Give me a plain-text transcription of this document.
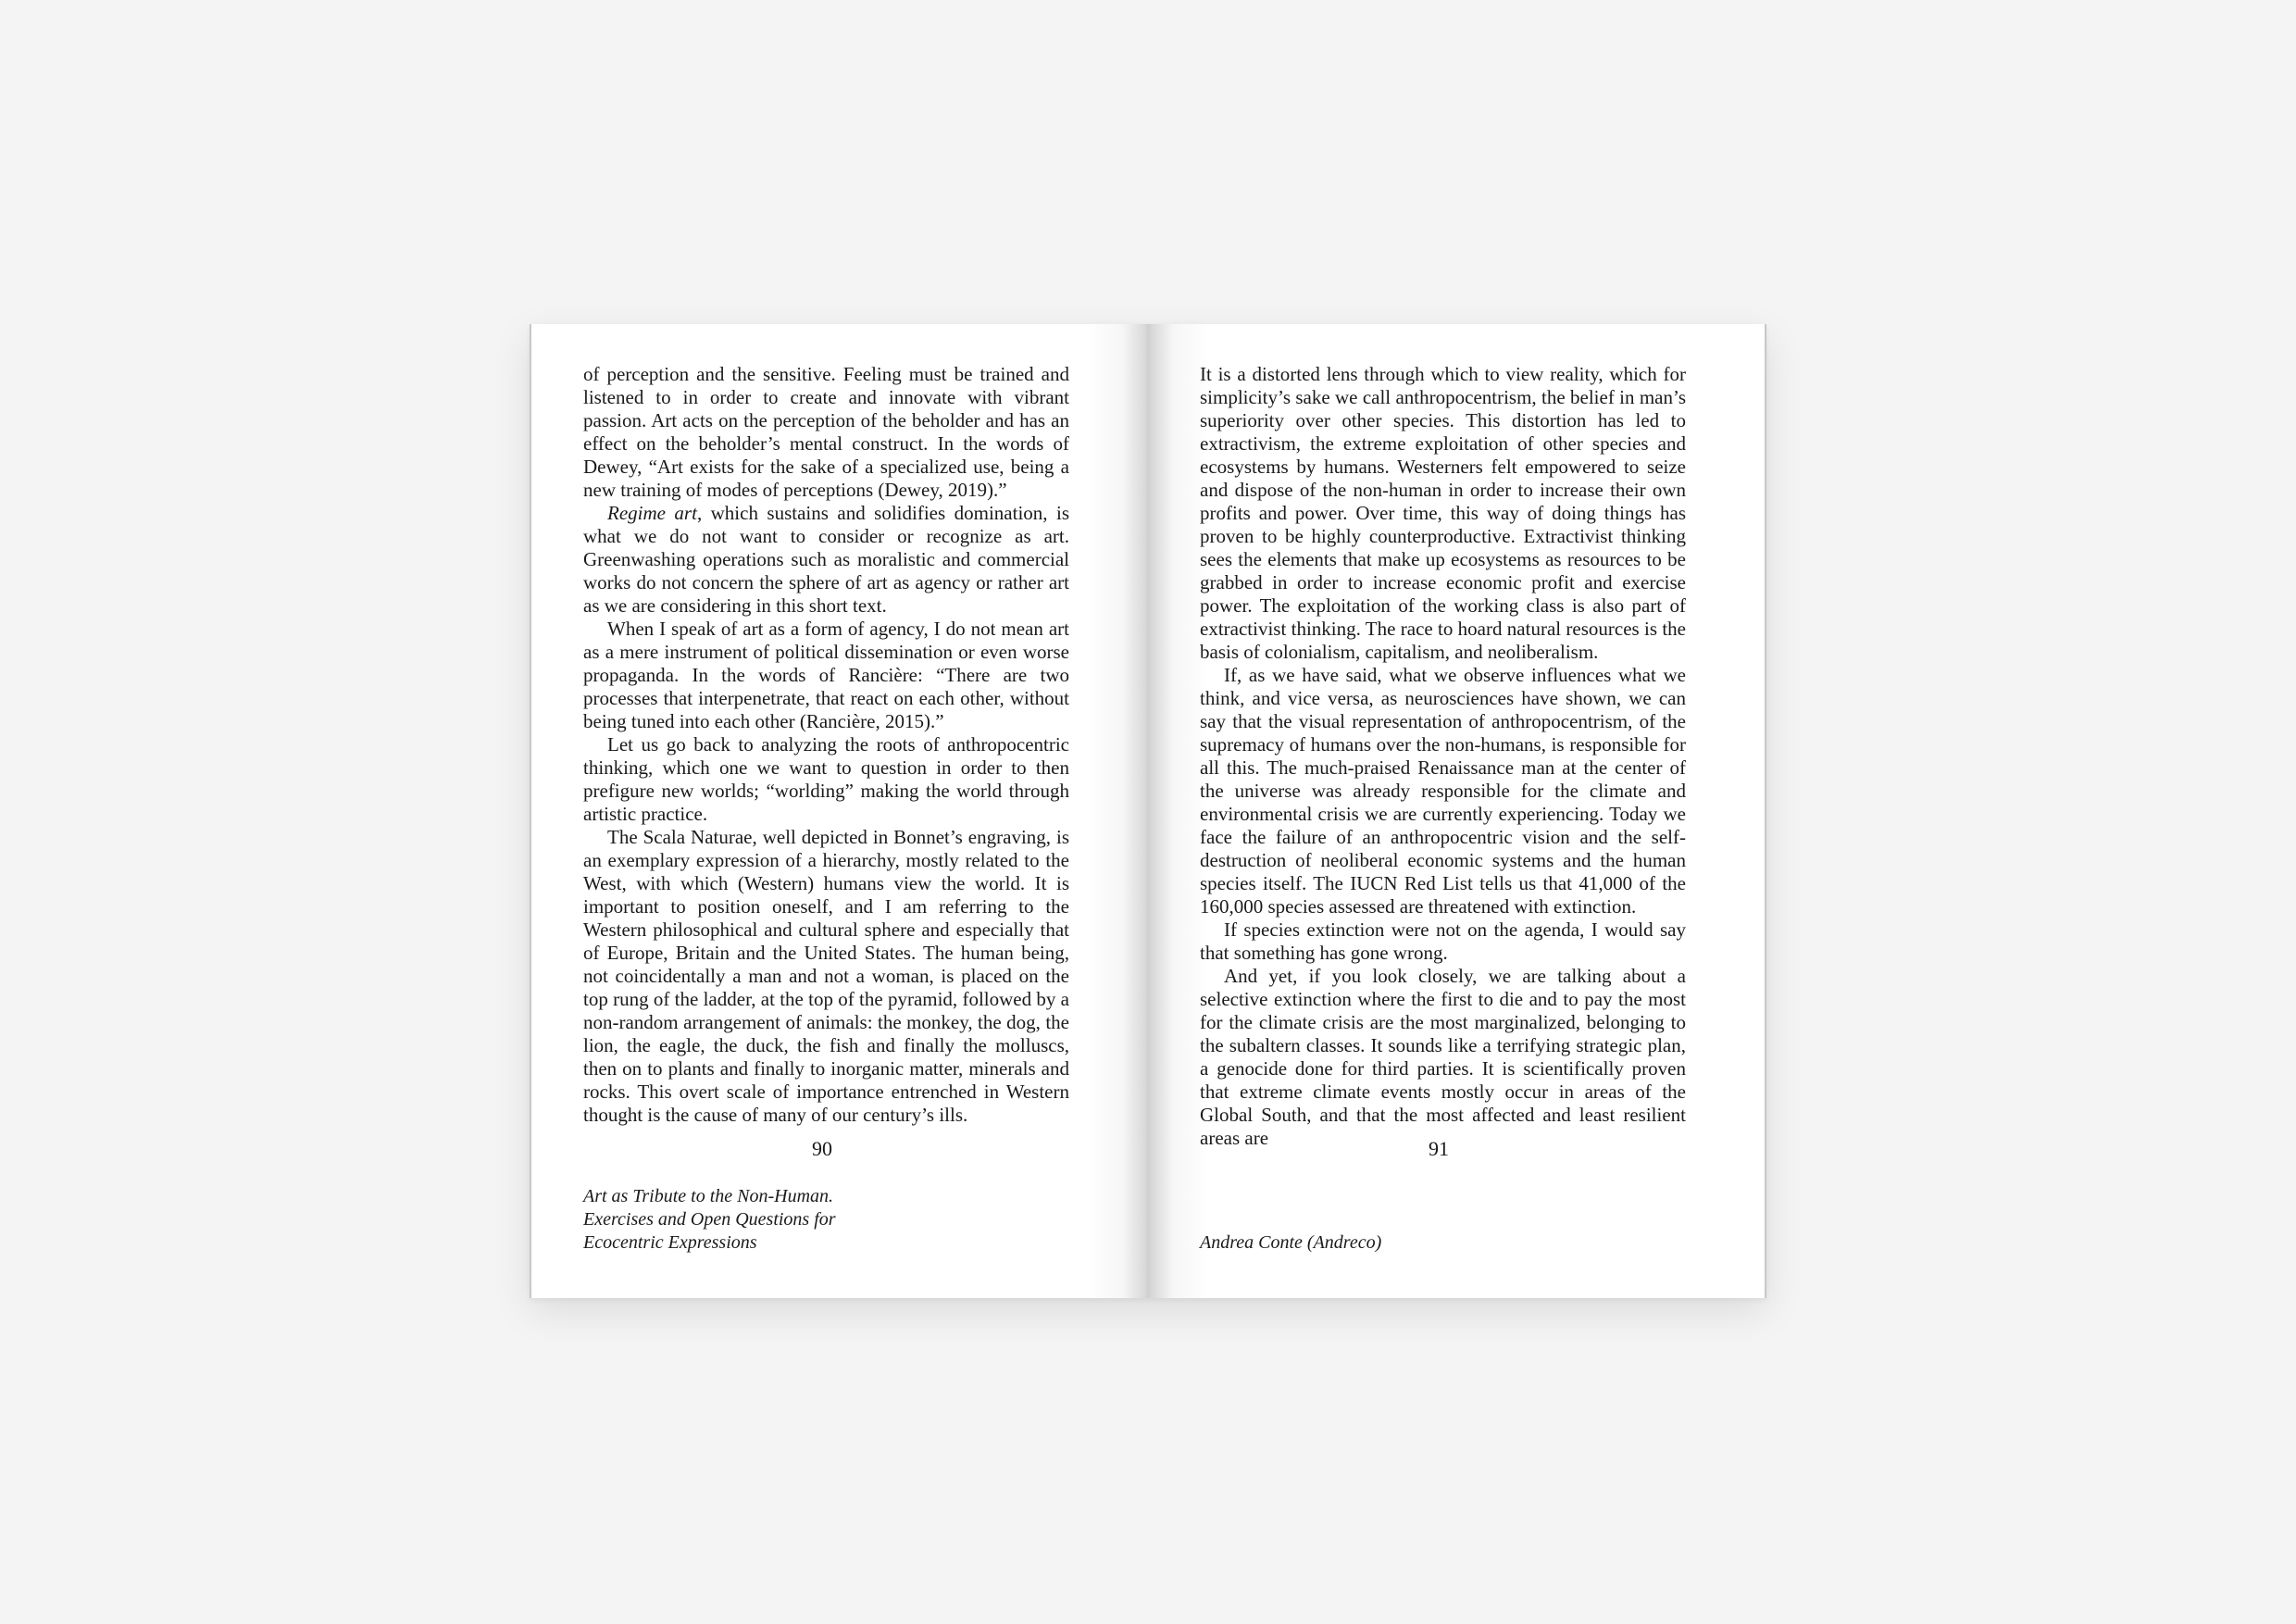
of perception and the sensitive. Feeling must be trained and listened to in order to create and innovate with vibrant passion. Art acts on the perception of the beholder and has an effect on the beholder’s mental construct. In the words of Dewey, “Art exists for the sake of a specialized use, being a new training of modes of perceptions (Dewey, 2019).”

Regime art, which sustains and solidifies domination, is what we do not want to consider or recognize as art. Greenwashing operations such as moralistic and commercial works do not concern the sphere of art as agency or rather art as we are considering in this short text.

When I speak of art as a form of agency, I do not mean art as a mere instrument of political dissemination or even worse propaganda. In the words of Rancière: “There are two processes that interpenetrate, that react on each other, without being tuned into each other (Rancière, 2015).”

Let us go back to analyzing the roots of anthropocentric thinking, which one we want to question in order to then prefigure new worlds; “worlding” making the world through artistic practice.

The Scala Naturae, well depicted in Bonnet’s engraving, is an exemplary expression of a hierarchy, mostly related to the West, with which (Western) humans view the world. It is important to position oneself, and I am referring to the Western philosophical and cultural sphere and especially that of Europe, Britain and the United States. The human being, not coincidentally a man and not a woman, is placed on the top rung of the ladder, at the top of the pyramid, followed by a non-random arrangement of animals: the monkey, the dog, the lion, the eagle, the duck, the fish and finally the molluscs, then on to plants and finally to inorganic matter, minerals and rocks. This overt scale of importance entrenched in Western thought is the cause of many of our century’s ills.

90
Art as Tribute to the Non-Human.
Exercises and Open Questions for
Ecocentric Expressions

It is a distorted lens through which to view reality, which for simplicity’s sake we call anthropocentrism, the belief in man’s superiority over other species. This distortion has led to extractivism, the extreme exploitation of other species and ecosystems by humans. Westerners felt empowered to seize and dispose of the non-human in order to increase their own profits and power. Over time, this way of doing things has proven to be highly counterproductive. Extractivist thinking sees the elements that make up ecosystems as resources to be grabbed in order to increase economic profit and exercise power. The exploitation of the working class is also part of extractivist thinking. The race to hoard natural resources is the basis of colonialism, capitalism, and neoliberalism.

If, as we have said, what we observe influences what we think, and vice versa, as neurosciences have shown, we can say that the visual representation of anthropocentrism, of the supremacy of humans over the non-humans, is responsible for all this. The much-praised Renaissance man at the center of the universe was already responsible for the climate and environmental crisis we are currently experiencing. Today we face the failure of an anthropocentric vision and the self-destruction of neoliberal economic systems and the human species itself. The IUCN Red List tells us that 41,000 of the 160,000 species assessed are threatened with extinction.

If species extinction were not on the agenda, I would say that something has gone wrong.

And yet, if you look closely, we are talking about a selective extinction where the first to die and to pay the most for the climate crisis are the most marginalized, belonging to the subaltern classes. It sounds like a terrifying strategic plan, a genocide done for third parties. It is scientifically proven that extreme climate events mostly occur in areas of the Global South, and that the most affected and least resilient areas are	91
Andrea Conte (Andreco)
